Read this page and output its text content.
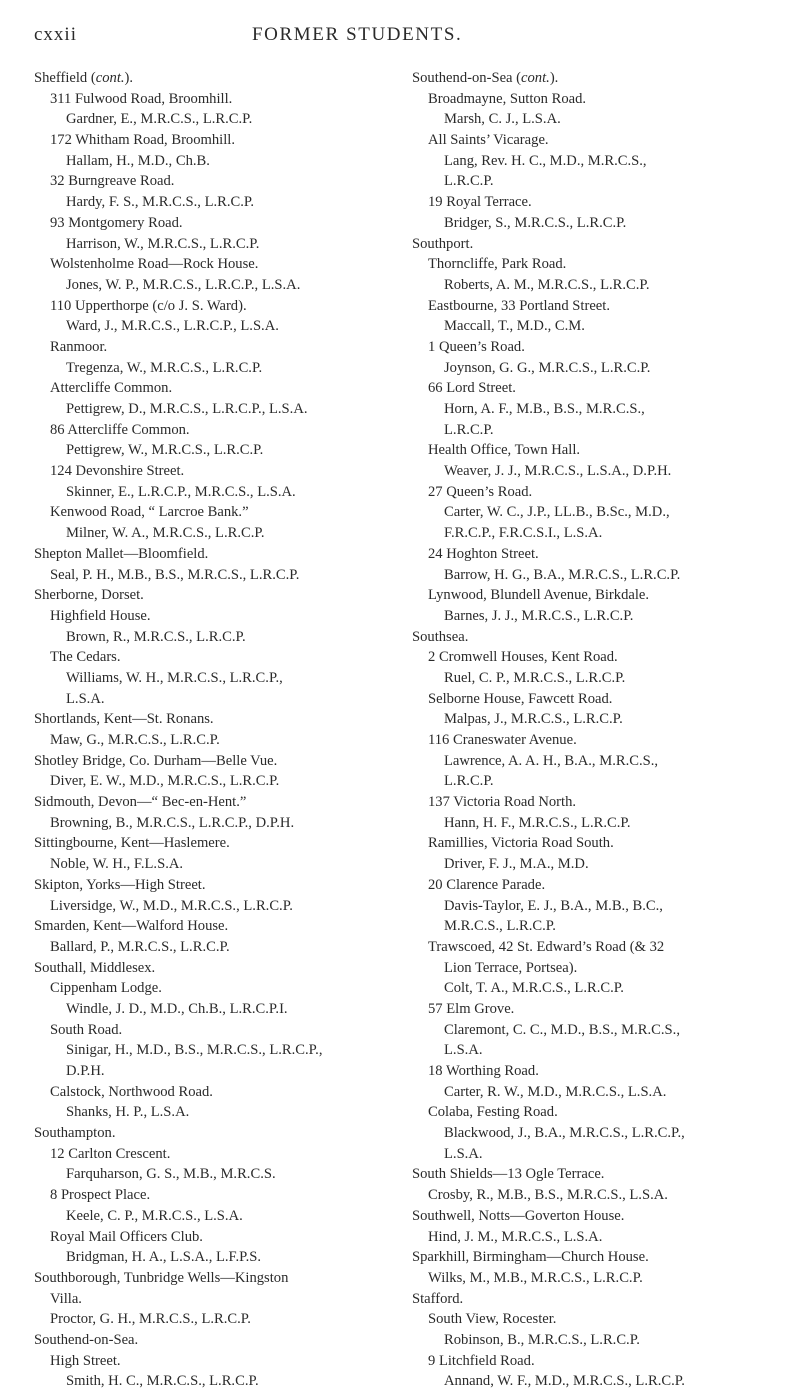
cxxii	FORMER STUDENTS.
Sheffield (cont.).
311 Fulwood Road, Broomhill.
Gardner, E., M.R.C.S., L.R.C.P.
172 Whitham Road, Broomhill.
Hallam, H., M.D., Ch.B.
32 Burngreave Road.
Hardy, F. S., M.R.C.S., L.R.C.P.
93 Montgomery Road.
Harrison, W., M.R.C.S., L.R.C.P.
Wolstenholme Road—Rock House.
Jones, W. P., M.R.C.S., L.R.C.P., L.S.A.
110 Upperthorpe (c/o J. S. Ward).
Ward, J., M.R.C.S., L.R.C.P., L.S.A.
Ranmoor.
Tregenza, W., M.R.C.S., L.R.C.P.
Attercliffe Common.
Pettigrew, D., M.R.C.S., L.R.C.P., L.S.A.
86 Attercliffe Common.
Pettigrew, W., M.R.C.S., L.R.C.P.
124 Devonshire Street.
Skinner, E., L.R.C.P., M.R.C.S., L.S.A.
Kenwood Road, “ Larcroe Bank.”
Milner, W. A., M.R.C.S., L.R.C.P.
Shepton Mallet—Bloomfield.
Seal, P. H., M.B., B.S., M.R.C.S., L.R.C.P.
Sherborne, Dorset.
Highfield House.
Brown, R., M.R.C.S., L.R.C.P.
The Cedars.
Williams, W. H., M.R.C.S., L.R.C.P.,
L.S.A.
Shortlands, Kent—St. Ronans.
Maw, G., M.R.C.S., L.R.C.P.
Shotley Bridge, Co. Durham—Belle Vue.
Diver, E. W., M.D., M.R.C.S., L.R.C.P.
Sidmouth, Devon—“ Bec-en-Hent.”
Browning, B., M.R.C.S., L.R.C.P., D.P.H.
Sittingbourne, Kent—Haslemere.
Noble, W. H., F.L.S.A.
Skipton, Yorks—High Street.
Liversidge, W., M.D., M.R.C.S., L.R.C.P.
Smarden, Kent—Walford House.
Ballard, P., M.R.C.S., L.R.C.P.
Southall, Middlesex.
Cippenham Lodge.
Windle, J. D., M.D., Ch.B., L.R.C.P.I.
South Road.
Sinigar, H., M.D., B.S., M.R.C.S., L.R.C.P.,
D.P.H.
Calstock, Northwood Road.
Shanks, H. P., L.S.A.
Southampton.
12 Carlton Crescent.
Farquharson, G. S., M.B., M.R.C.S.
8 Prospect Place.
Keele, C. P., M.R.C.S., L.S.A.
Royal Mail Officers Club.
Bridgman, H. A., L.S.A., L.F.P.S.
Southborough, Tunbridge Wells—Kingston
Villa.
Proctor, G. H., M.R.C.S., L.R.C.P.
Southend-on-Sea.
High Street.
Smith, H. C., M.R.C.S., L.R.C.P.
Southend-on-Sea (cont.).
Broadmayne, Sutton Road.
Marsh, C. J., L.S.A.
All Saints’ Vicarage.
Lang, Rev. H. C., M.D., M.R.C.S.,
L.R.C.P.
19 Royal Terrace.
Bridger, S., M.R.C.S., L.R.C.P.
Southport.
Thorncliffe, Park Road.
Roberts, A. M., M.R.C.S., L.R.C.P.
Eastbourne, 33 Portland Street.
Maccall, T., M.D., C.M.
1 Queen’s Road.
Joynson, G. G., M.R.C.S., L.R.C.P.
66 Lord Street.
Horn, A. F., M.B., B.S., M.R.C.S.,
L.R.C.P.
Health Office, Town Hall.
Weaver, J. J., M.R.C.S., L.S.A., D.P.H.
27 Queen’s Road.
Carter, W. C., J.P., LL.B., B.Sc., M.D.,
F.R.C.P., F.R.C.S.I., L.S.A.
24 Hoghton Street.
Barrow, H. G., B.A., M.R.C.S., L.R.C.P.
Lynwood, Blundell Avenue, Birkdale.
Barnes, J. J., M.R.C.S., L.R.C.P.
Southsea.
2 Cromwell Houses, Kent Road.
Ruel, C. P., M.R.C.S., L.R.C.P.
Selborne House, Fawcett Road.
Malpas, J., M.R.C.S., L.R.C.P.
116 Craneswater Avenue.
Lawrence, A. A. H., B.A., M.R.C.S.,
L.R.C.P.
137 Victoria Road North.
Hann, H. F., M.R.C.S., L.R.C.P.
Ramillies, Victoria Road South.
Driver, F. J., M.A., M.D.
20 Clarence Parade.
Davis-Taylor, E. J., B.A., M.B., B.C.,
M.R.C.S., L.R.C.P.
Trawscoed, 42 St. Edward’s Road (& 32
Lion Terrace, Portsea).
Colt, T. A., M.R.C.S., L.R.C.P.
57 Elm Grove.
Claremont, C. C., M.D., B.S., M.R.C.S.,
L.S.A.
18 Worthing Road.
Carter, R. W., M.D., M.R.C.S., L.S.A.
Colaba, Festing Road.
Blackwood, J., B.A., M.R.C.S., L.R.C.P.,
L.S.A.
South Shields—13 Ogle Terrace.
Crosby, R., M.B., B.S., M.R.C.S., L.S.A.
Southwell, Notts—Goverton House.
Hind, J. M., M.R.C.S., L.S.A.
Sparkhill, Birmingham—Church House.
Wilks, M., M.B., M.R.C.S., L.R.C.P.
Stafford.
South View, Rocester.
Robinson, B., M.R.C.S., L.R.C.P.
9 Litchfield Road.
Annand, W. F., M.D., M.R.C.S., L.R.C.P.
